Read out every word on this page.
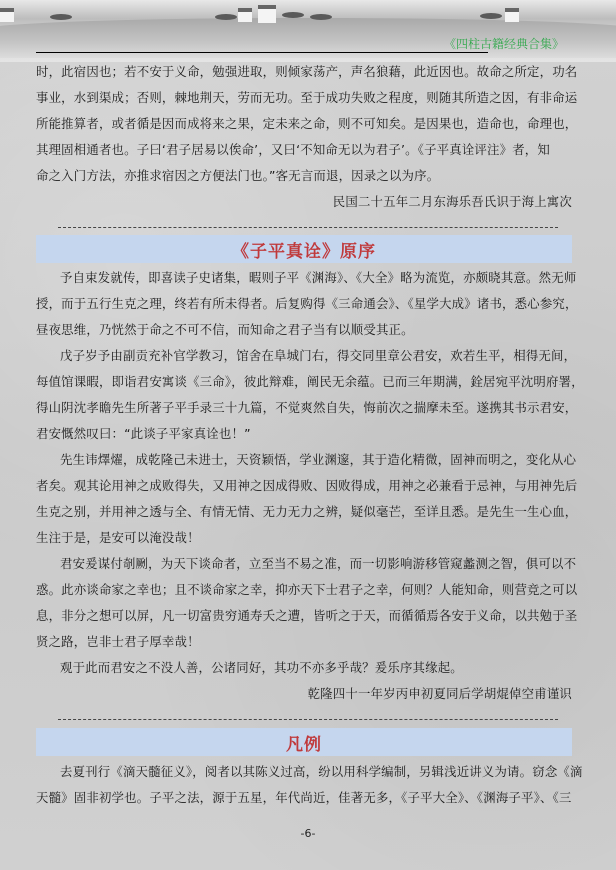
《四柱古籍经典合集》
时，此宿因也；若不安于义命，勉强进取，则倾家荡产，声名狼藉，此近因也。故命之所定，功名
事业，水到渠成；否则，棘地荆天，劳而无功。至于成功失败之程度，则随其所造之因，有非命运
所能推算者，或者循是因而成将来之果，定未来之命，则不可知矣。是因果也，造命也，命理也，
其理固相通者也。子曰‘君子居易以俟命’，又曰‘不知命无以为君子’。《子平真诠评注》者，知
命之入门方法，亦推求宿因之方便法门也。”客无言而退，因录之以为序。
民国二十五年二月东海乐吾氏识于海上寓次
《子平真诠》原序
予自束发就传，即喜读子史诸集，暇则子平《渊海》、《大全》略为流览，亦颇晓其意。然无师
授，而于五行生克之理，终若有所未得者。后复购得《三命通会》、《星学大成》诸书，悉心参究，
昼夜思维，乃恍然于命之不可不信，而知命之君子当有以顺受其正。
戊子岁予由副贡充补官学教习，馆舍在阜城门右，得交同里章公君安，欢若生平，相得无间，
每值馆课暇，即诣君安寓谈《三命》，彼此辩难，阐民无余蕴。已而三年期满，銓居宛平沈明府署，
得山阴沈孝瞻先生所著子平手录三十九篇，不觉爽然自失，悔前次之揣摩未至。遂携其书示君安，
君安慨然叹曰：“此谈子平家真诠也！”
先生讳燡燿，成乾隆己未进士，天资颖悟，学业渊邃，其于造化精微，固神而明之，变化从心
者矣。观其论用神之成败得失，又用神之因成得败、因败得成，用神之必兼看于忌神，与用神先后
生克之别，并用神之透与全、有情无情、无力无力之辨，疑似毫芒，至详且悉。是先生一生心血，
生注于是，是安可以淹没哉！
君安爰谋付剞劂，为天下谈命者，立至当不易之准，而一切影响游移管窥蠡测之智，俱可以不
惑。此亦谈命家之幸也；且不谈命家之幸，抑亦天下士君子之幸，何则？人能知命，则营竞之可以
息，非分之想可以屏，凡一切富贵穷通寿夭之遭，皆听之于天，而循循焉各安于义命，以共勉于圣
贤之路，岂非士君子厚幸哉！
观于此而君安之不没人善，公诸同好，其功不亦多乎哉？爰乐序其缘起。
乾隆四十一年岁丙申初夏同后学胡焜倬空甫谨识
凡例
去夏刊行《滴天髓征义》，阅者以其陈义过高，纷以用科学编制，另辑浅近讲义为请。窃念《滴
天髓》固非初学也。子平之法，源于五星，年代尚近，佳著无多，《子平大全》、《渊海子平》、《三
-6-
